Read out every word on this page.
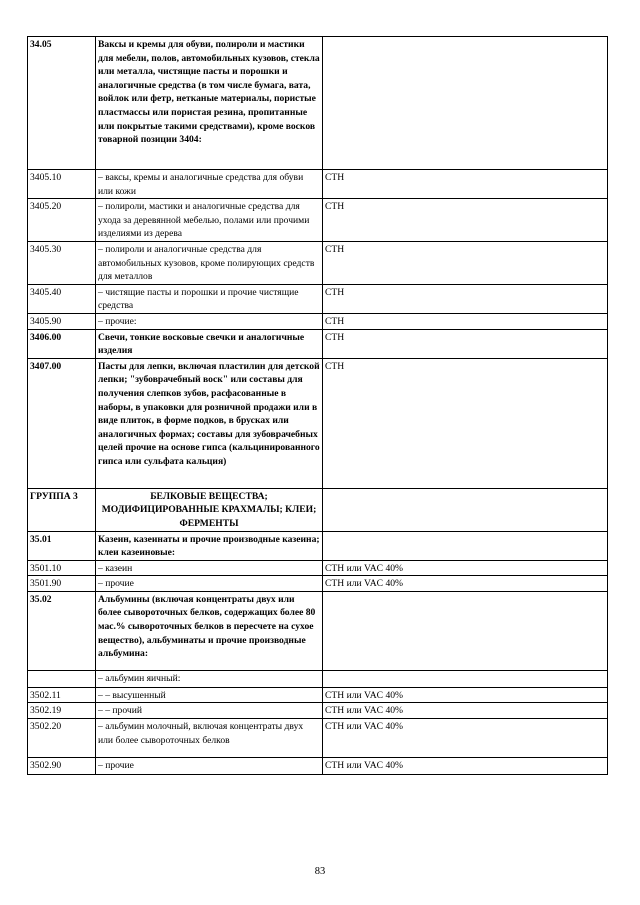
34.05	Ваксы и кремы для обуви, полироли и мастики для мебели, полов, автомобильных кузовов, стекла или металла, чистящие пасты и порошки и аналогичные средства (в том числе бумага, вата, войлок или фетр, нетканые материалы, пористые пластмассы или пористая резина, пропитанные или покрытые такими средствами), кроме восков товарной позиции 3404:	
3405.10	– ваксы, кремы и аналогичные средства для обуви или кожи	СТН
3405.20	– полироли, мастики и аналогичные средства для ухода за деревянной мебелью, полами или прочими изделиями из дерева	СТН
3405.30	– полироли и аналогичные средства для автомобильных кузовов, кроме полирующих средств для металлов	СТН
3405.40	– чистящие пасты и порошки и прочие чистящие средства	СТН
3405.90	– прочие:	СТН
3406.00	Свечи, тонкие восковые свечки и аналогичные изделия	СТН
3407.00	Пасты для лепки, включая пластилин для детской лепки; "зубоврачебный воск" или составы для получения слепков зубов, расфасованные в наборы, в упаковки для розничной продажи или в виде плиток, в форме подков, в брусках или аналогичных формах; составы для зубоврачебных целей прочие на основе гипса (кальцинированного гипса или сульфата кальция)	СТН
ГРУППА 3	БЕЛКОВЫЕ ВЕЩЕСТВА; МОДИФИЦИРОВАННЫЕ КРАХМАЛЫ; КЛЕИ; ФЕРМЕНТЫ	
35.01	Казеин, казеинаты и прочие производные казеина; клеи казеиновые:	
3501.10	– казеин	СТН или VAC 40%
3501.90	– прочие	СТН или VAC 40%
35.02	Альбумины (включая концентраты двух или более сывороточных белков, содержащих более 80 мас.% сывороточных белков в пересчете на сухое вещество), альбуминаты и прочие производные альбумина:	
	– альбумин яичный:	
3502.11	– – высушенный	СТН или VAC 40%
3502.19	– – прочий	СТН или VAC 40%
3502.20	– альбумин молочный, включая концентраты двух или более сывороточных белков	СТН или VAC 40%
3502.90	– прочие	СТН или VAC 40%
83
